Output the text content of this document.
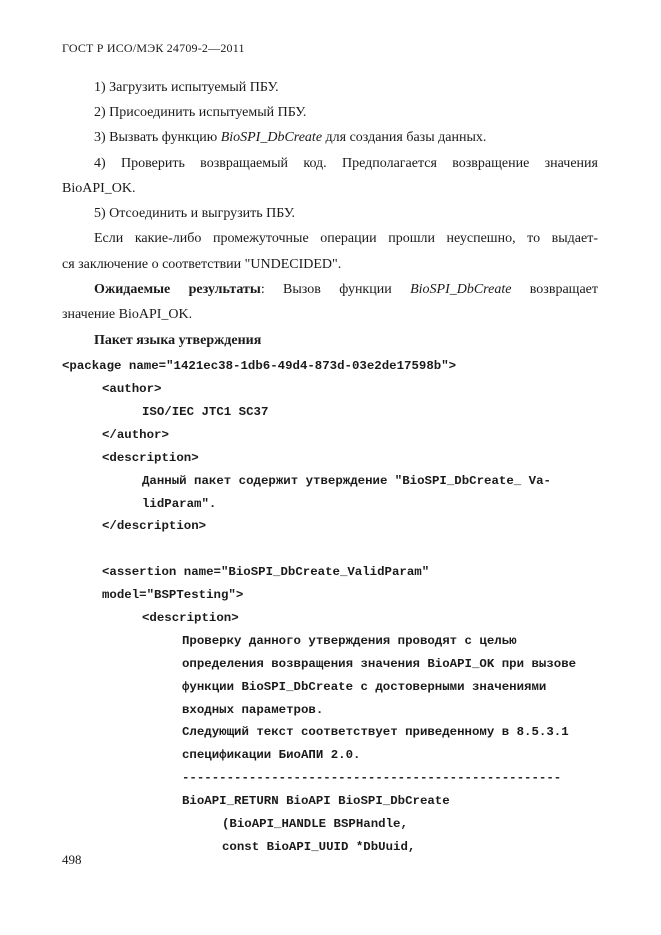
ГОСТ Р ИСО/МЭК 24709-2—2011
1) Загрузить испытуемый ПБУ.
2) Присоединить испытуемый ПБУ.
3) Вызвать функцию BioSPI_DbCreate для создания базы данных.
4) Проверить возвращаемый код. Предполагается возвращение значения
BioAPI_OK.
5) Отсоединить и выгрузить ПБУ.
Если какие-либо промежуточные операции прошли неуспешно, то выдает-
ся заключение о соответствии "UNDECIDED".
Ожидаемые результаты: Вызов функции BioSPI_DbCreate возвращает
значение BioAPI_OK.
Пакет языка утверждения
<package name="1421ec38-1db6-49d4-873d-03e2de17598b">
<author>
ISO/IEC JTC1 SC37
</author>
<description>
Данный пакет содержит утверждение "BioSPI_DbCreate_ Va-
lidParam".
</description>
<assertion name="BioSPI_DbCreate_ValidParam"
model="BSPTesting">
<description>
Проверку данного утверждения проводят с целью
определения возвращения значения BioAPI_OK при вызове
функции BioSPI_DbCreate с достоверными значениями
входных параметров.
Следующий текст соответствует приведенному в 8.5.3.1
спецификации БиоАПИ 2.0.
---------------------------------------------------
BioAPI_RETURN BioAPI BioSPI_DbCreate
(BioAPI_HANDLE BSPHandle,
const BioAPI_UUID *DbUuid,
498
